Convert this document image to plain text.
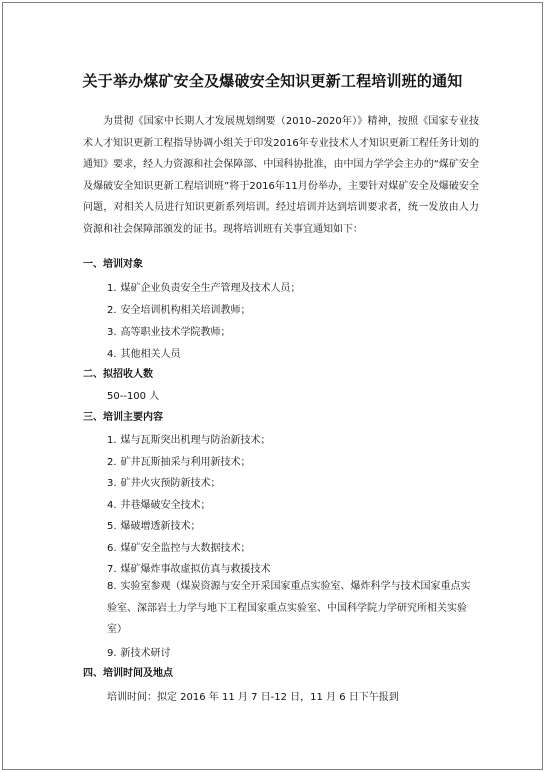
关于举办煤矿安全及爆破安全知识更新工程培训班的通知

为贯彻《国家中长期人才发展规划纲要（2010–2020年）》精神，按照《国家专业技术人才知识更新工程指导协调小组关于印发2016年专业技术人才知识更新工程任务计划的通知》要求，经人力资源和社会保障部、中国科协批准，由中国力学学会主办的“煤矿安全及爆破安全知识更新工程培训班”将于2016年11月份举办，主要针对煤矿安全及爆破安全问题，对相关人员进行知识更新系列培训。经过培训并达到培训要求者，统一发放由人力资源和社会保障部颁发的证书。现将培训班有关事宜通知如下：

一、培训对象
1. 煤矿企业负责安全生产管理及技术人员；
2. 安全培训机构相关培训教师；
3. 高等职业技术学院教师；
4. 其他相关人员
二、拟招收人数
50--100 人
三、培训主要内容
1. 煤与瓦斯突出机理与防治新技术；
2. 矿井瓦斯抽采与利用新技术；
3. 矿井火灾预防新技术；
4. 井巷爆破安全技术；
5. 爆破增透新技术；
6. 煤矿安全监控与大数据技术；
7. 煤矿爆炸事故虚拟仿真与救援技术
8. 实验室参观（煤炭资源与安全开采国家重点实验室、爆炸科学与技术国家重点实验室、深部岩土力学与地下工程国家重点实验室、中国科学院力学研究所相关实验室）
9. 新技术研讨
四、培训时间及地点
培训时间：拟定 2016 年 11 月 7 日-12 日，11 月 6 日下午报到
